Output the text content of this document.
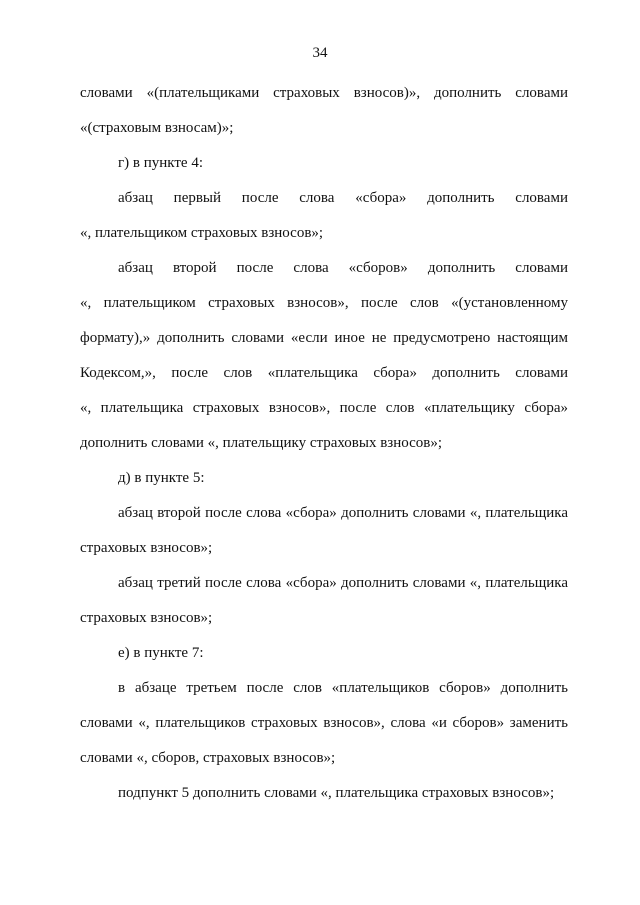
34

словами «(плательщиками страховых взносов)», дополнить словами

«(страховым взносам)»;

г) в пункте 4:

абзац первый после слова «сбора» дополнить словами

«, плательщиком страховых взносов»;

абзац второй после слова «сборов» дополнить словами

«, плательщиком страховых взносов», после слов «(установленному

формату),» дополнить словами «если иное не предусмотрено настоящим

Кодексом,», после слов «плательщика сбора» дополнить словами

«, плательщика страховых взносов», после слов «плательщику сбора»

дополнить словами «, плательщику страховых взносов»;

д) в пункте 5:

абзац второй после слова «сбора» дополнить словами «, плательщика

страховых взносов»;

абзац третий после слова «сбора» дополнить словами «, плательщика

страховых взносов»;

е) в пункте 7:

в абзаце третьем после слов «плательщиков сборов» дополнить

словами «, плательщиков страховых взносов», слова «и сборов» заменить

словами «, сборов, страховых взносов»;

подпункт 5 дополнить словами «, плательщика страховых взносов»;
